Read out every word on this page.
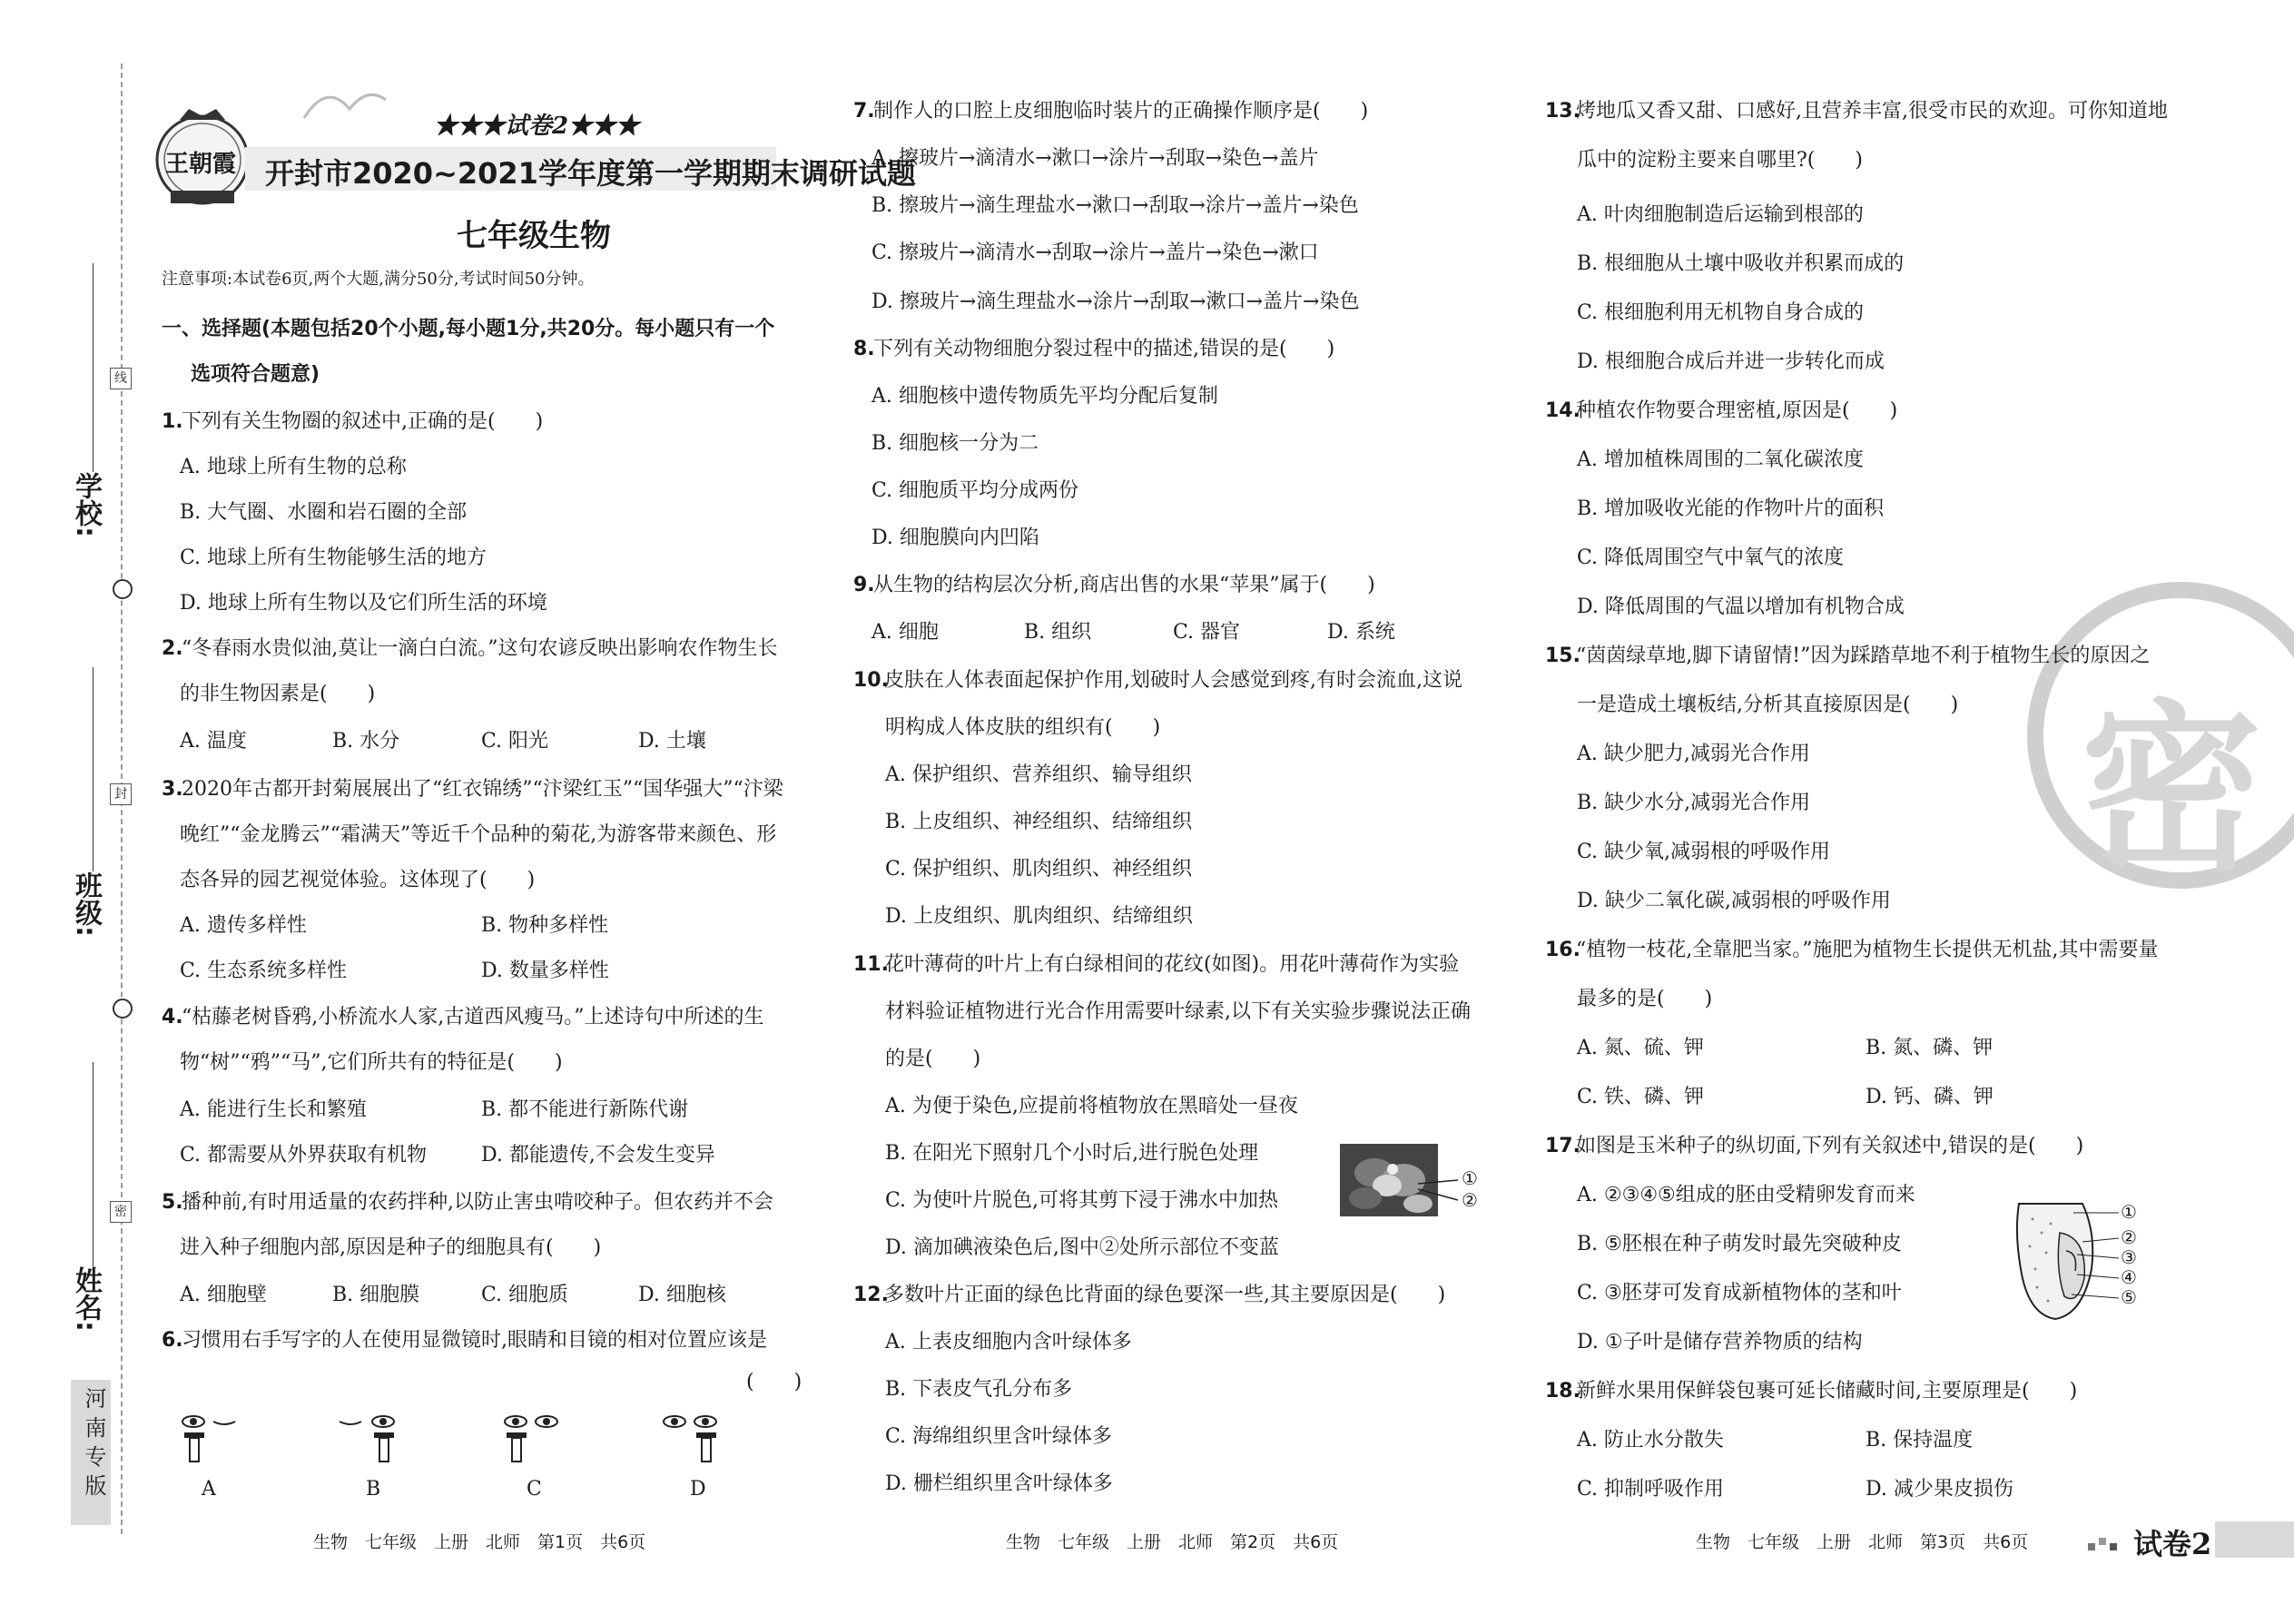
学校:
班级:
姓名:
线
封
密
河南专版
王朝霞
★★★试卷2★★★
开封市2020~2021学年度第一学期期末调研试题
七年级生物
注意事项:本试卷6页,两个大题,满分50分,考试时间50分钟。
一、选择题(本题包括20个小题,每小题1分,共20分。每小题只有一个
选项符合题意)
1.
下列有关生物圈的叙述中,正确的是(　　)
A. 地球上所有生物的总称
B. 大气圈、水圈和岩石圈的全部
C. 地球上所有生物能够生活的地方
D. 地球上所有生物以及它们所生活的环境
2.
“冬春雨水贵似油,莫让一滴白白流。”这句农谚反映出影响农作物生长
的非生物因素是(　　)
A. 温度	B. 水分	C. 阳光	D. 土壤
3.
2020年古都开封菊展展出了“红衣锦绣”“汴梁红玉”“国华强大”“汴梁
晚红”“金龙腾云”“霜满天”等近千个品种的菊花,为游客带来颜色、形
态各异的园艺视觉体验。这体现了(　　)
A. 遗传多样性	B. 物种多样性
C. 生态系统多样性	D. 数量多样性
4.
“枯藤老树昏鸦,小桥流水人家,古道西风瘦马。”上述诗句中所述的生
物“树”“鸦”“马”,它们所共有的特征是(　　)
A. 能进行生长和繁殖	B. 都不能进行新陈代谢
C. 都需要从外界获取有机物	D. 都能遗传,不会发生变异
5.
播种前,有时用适量的农药拌种,以防止害虫啃咬种子。但农药并不会
进入种子细胞内部,原因是种子的细胞具有(　　)
A. 细胞壁	B. 细胞膜	C. 细胞质	D. 细胞核
6.
习惯用右手写字的人在使用显微镜时,眼睛和目镜的相对位置应该是
(　　)
A	B	C	D
生物　七年级　上册　北师　第1页　共6页
7.
制作人的口腔上皮细胞临时装片的正确操作顺序是(　　)
A. 擦玻片→滴清水→漱口→涂片→刮取→染色→盖片
B. 擦玻片→滴生理盐水→漱口→刮取→涂片→盖片→染色
C. 擦玻片→滴清水→刮取→涂片→盖片→染色→漱口
D. 擦玻片→滴生理盐水→涂片→刮取→漱口→盖片→染色
8.
下列有关动物细胞分裂过程中的描述,错误的是(　　)
A. 细胞核中遗传物质先平均分配后复制
B. 细胞核一分为二
C. 细胞质平均分成两份
D. 细胞膜向内凹陷
9.
从生物的结构层次分析,商店出售的水果“苹果”属于(　　)
A. 细胞	B. 组织	C. 器官	D. 系统
10.
皮肤在人体表面起保护作用,划破时人会感觉到疼,有时会流血,这说
明构成人体皮肤的组织有(　　)
A. 保护组织、营养组织、输导组织
B. 上皮组织、神经组织、结缔组织
C. 保护组织、肌肉组织、神经组织
D. 上皮组织、肌肉组织、结缔组织
11.
花叶薄荷的叶片上有白绿相间的花纹(如图)。用花叶薄荷作为实验
材料验证植物进行光合作用需要叶绿素,以下有关实验步骤说法正确
的是(　　)
A. 为便于染色,应提前将植物放在黑暗处一昼夜
B. 在阳光下照射几个小时后,进行脱色处理
C. 为使叶片脱色,可将其剪下浸于沸水中加热
D. 滴加碘液染色后,图中②处所示部位不变蓝
①
②
12.
多数叶片正面的绿色比背面的绿色要深一些,其主要原因是(　　)
A. 上表皮细胞内含叶绿体多
B. 下表皮气孔分布多
C. 海绵组织里含叶绿体多
D. 栅栏组织里含叶绿体多
生物　七年级　上册　北师　第2页　共6页
密
13.
烤地瓜又香又甜、口感好,且营养丰富,很受市民的欢迎。可你知道地
瓜中的淀粉主要来自哪里?(　　)
A. 叶肉细胞制造后运输到根部的
B. 根细胞从土壤中吸收并积累而成的
C. 根细胞利用无机物自身合成的
D. 根细胞合成后并进一步转化而成
14.
种植农作物要合理密植,原因是(　　)
A. 增加植株周围的二氧化碳浓度
B. 增加吸收光能的作物叶片的面积
C. 降低周围空气中氧气的浓度
D. 降低周围的气温以增加有机物合成
15.
“茵茵绿草地,脚下请留情!”因为踩踏草地不利于植物生长的原因之
一是造成土壤板结,分析其直接原因是(　　)
A. 缺少肥力,减弱光合作用
B. 缺少水分,减弱光合作用
C. 缺少氧,减弱根的呼吸作用
D. 缺少二氧化碳,减弱根的呼吸作用
16.
“植物一枝花,全靠肥当家。”施肥为植物生长提供无机盐,其中需要量
最多的是(　　)
A. 氮、硫、钾	B. 氮、磷、钾
C. 铁、磷、钾	D. 钙、磷、钾
17.
如图是玉米种子的纵切面,下列有关叙述中,错误的是(　　)
A. ②③④⑤组成的胚由受精卵发育而来
B. ⑤胚根在种子萌发时最先突破种皮
C. ③胚芽可发育成新植物体的茎和叶
D. ①子叶是储存营养物质的结构
①
②
③
④
⑤
18.
新鲜水果用保鲜袋包裹可延长储藏时间,主要原理是(　　)
A. 防止水分散失	B. 保持温度
C. 抑制呼吸作用	D. 减少果皮损伤
生物　七年级　上册　北师　第3页　共6页	试卷2
